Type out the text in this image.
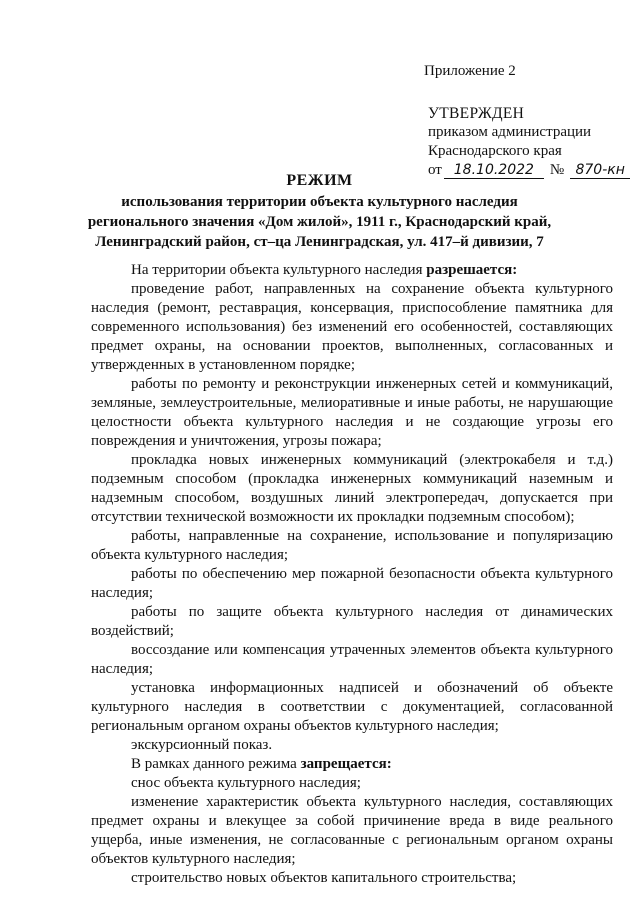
Приложение 2
УТВЕРЖДЕН
приказом администрации
Краснодарского края
от 18.10.2022	№ 870-кн
РЕЖИМ
использования территории объекта культурного наследия
регионального значения «Дом жилой», 1911 г., Краснодарский край,
Ленинградский район, ст–ца Ленинградская, ул. 417–й дивизии, 7

На территории объекта культурного наследия разрешается:

проведение работ, направленных на сохранение объекта культурного наследия (ремонт, реставрация, консервация, приспособление памятника для современного использования) без изменений его особенностей, составляющих предмет охраны, на основании проектов, выполненных, согласованных и утвержденных в установленном порядке;

работы по ремонту и реконструкции инженерных сетей и коммуникаций, земляные, землеустроительные, мелиоративные и иные работы, не нарушающие целостности объекта культурного наследия и не создающие угрозы его повреждения и уничтожения, угрозы пожара;

прокладка новых инженерных коммуникаций (электрокабеля и т.д.) подземным способом (прокладка инженерных коммуникаций наземным и надземным способом, воздушных линий электропередач, допускается при отсутствии технической возможности их прокладки подземным способом);

работы, направленные на сохранение, использование и популяризацию объекта культурного наследия;

работы по обеспечению мер пожарной безопасности объекта культурного наследия;

работы по защите объекта культурного наследия от динамических воздействий;

воссоздание или компенсация утраченных элементов объекта культурного наследия;

установка информационных надписей и обозначений об объекте культурного наследия в соответствии с документацией, согласованной региональным органом охраны объектов культурного наследия;

экскурсионный показ.

В рамках данного режима запрещается:

снос объекта культурного наследия;

изменение характеристик объекта культурного наследия, составляющих предмет охраны и влекущее за собой причинение вреда в виде реального ущерба, иные изменения, не согласованные с региональным органом охраны объектов культурного наследия;

строительство новых объектов капитального строительства;
